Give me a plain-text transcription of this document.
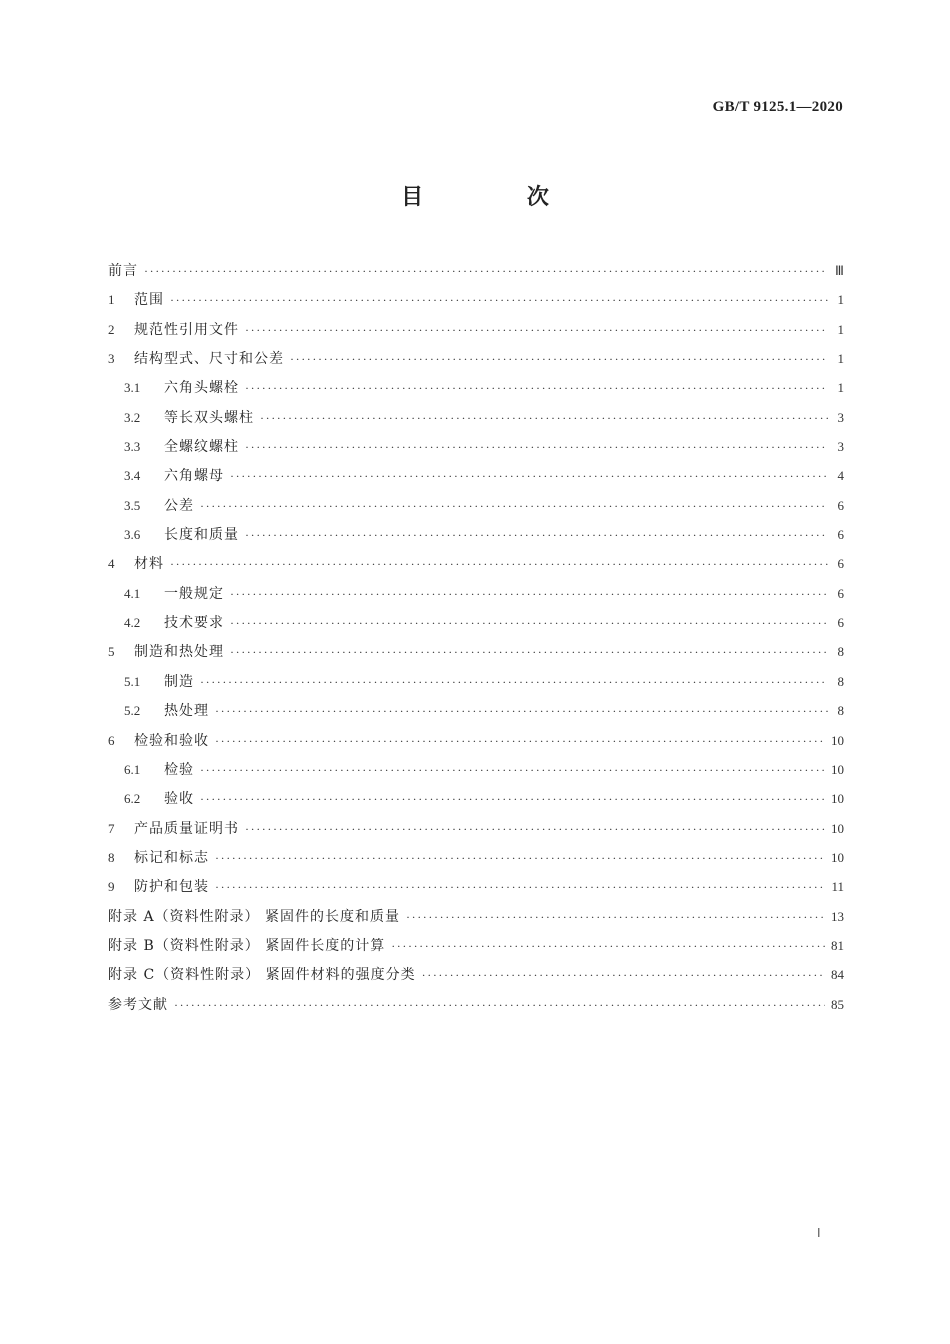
GB/T 9125.1—2020
目 次
前言 ·····	Ⅲ
1	范围 ·····	1
2	规范性引用文件 ·····	1
3	结构型式、尺寸和公差 ·····	1
3.1	六角头螺栓 ·····	1
3.2	等长双头螺柱 ·····	3
3.3	全螺纹螺柱 ·····	3
3.4	六角螺母 ·····	4
3.5	公差 ·····	6
3.6	长度和质量 ·····	6
4	材料 ·····	6
4.1	一般规定 ·····	6
4.2	技术要求 ·····	6
5	制造和热处理 ·····	8
5.1	制造 ·····	8
5.2	热处理 ·····	8
6	检验和验收 ·····	10
6.1	检验 ·····	10
6.2	验收 ·····	10
7	产品质量证明书 ·····	10
8	标记和标志 ·····	10
9	防护和包装 ·····	11
附录 A（资料性附录） 紧固件的长度和质量 ·····	13
附录 B（资料性附录） 紧固件长度的计算 ·····	81
附录 C（资料性附录） 紧固件材料的强度分类 ·····	84
参考文献 ·····	85
Ⅰ
